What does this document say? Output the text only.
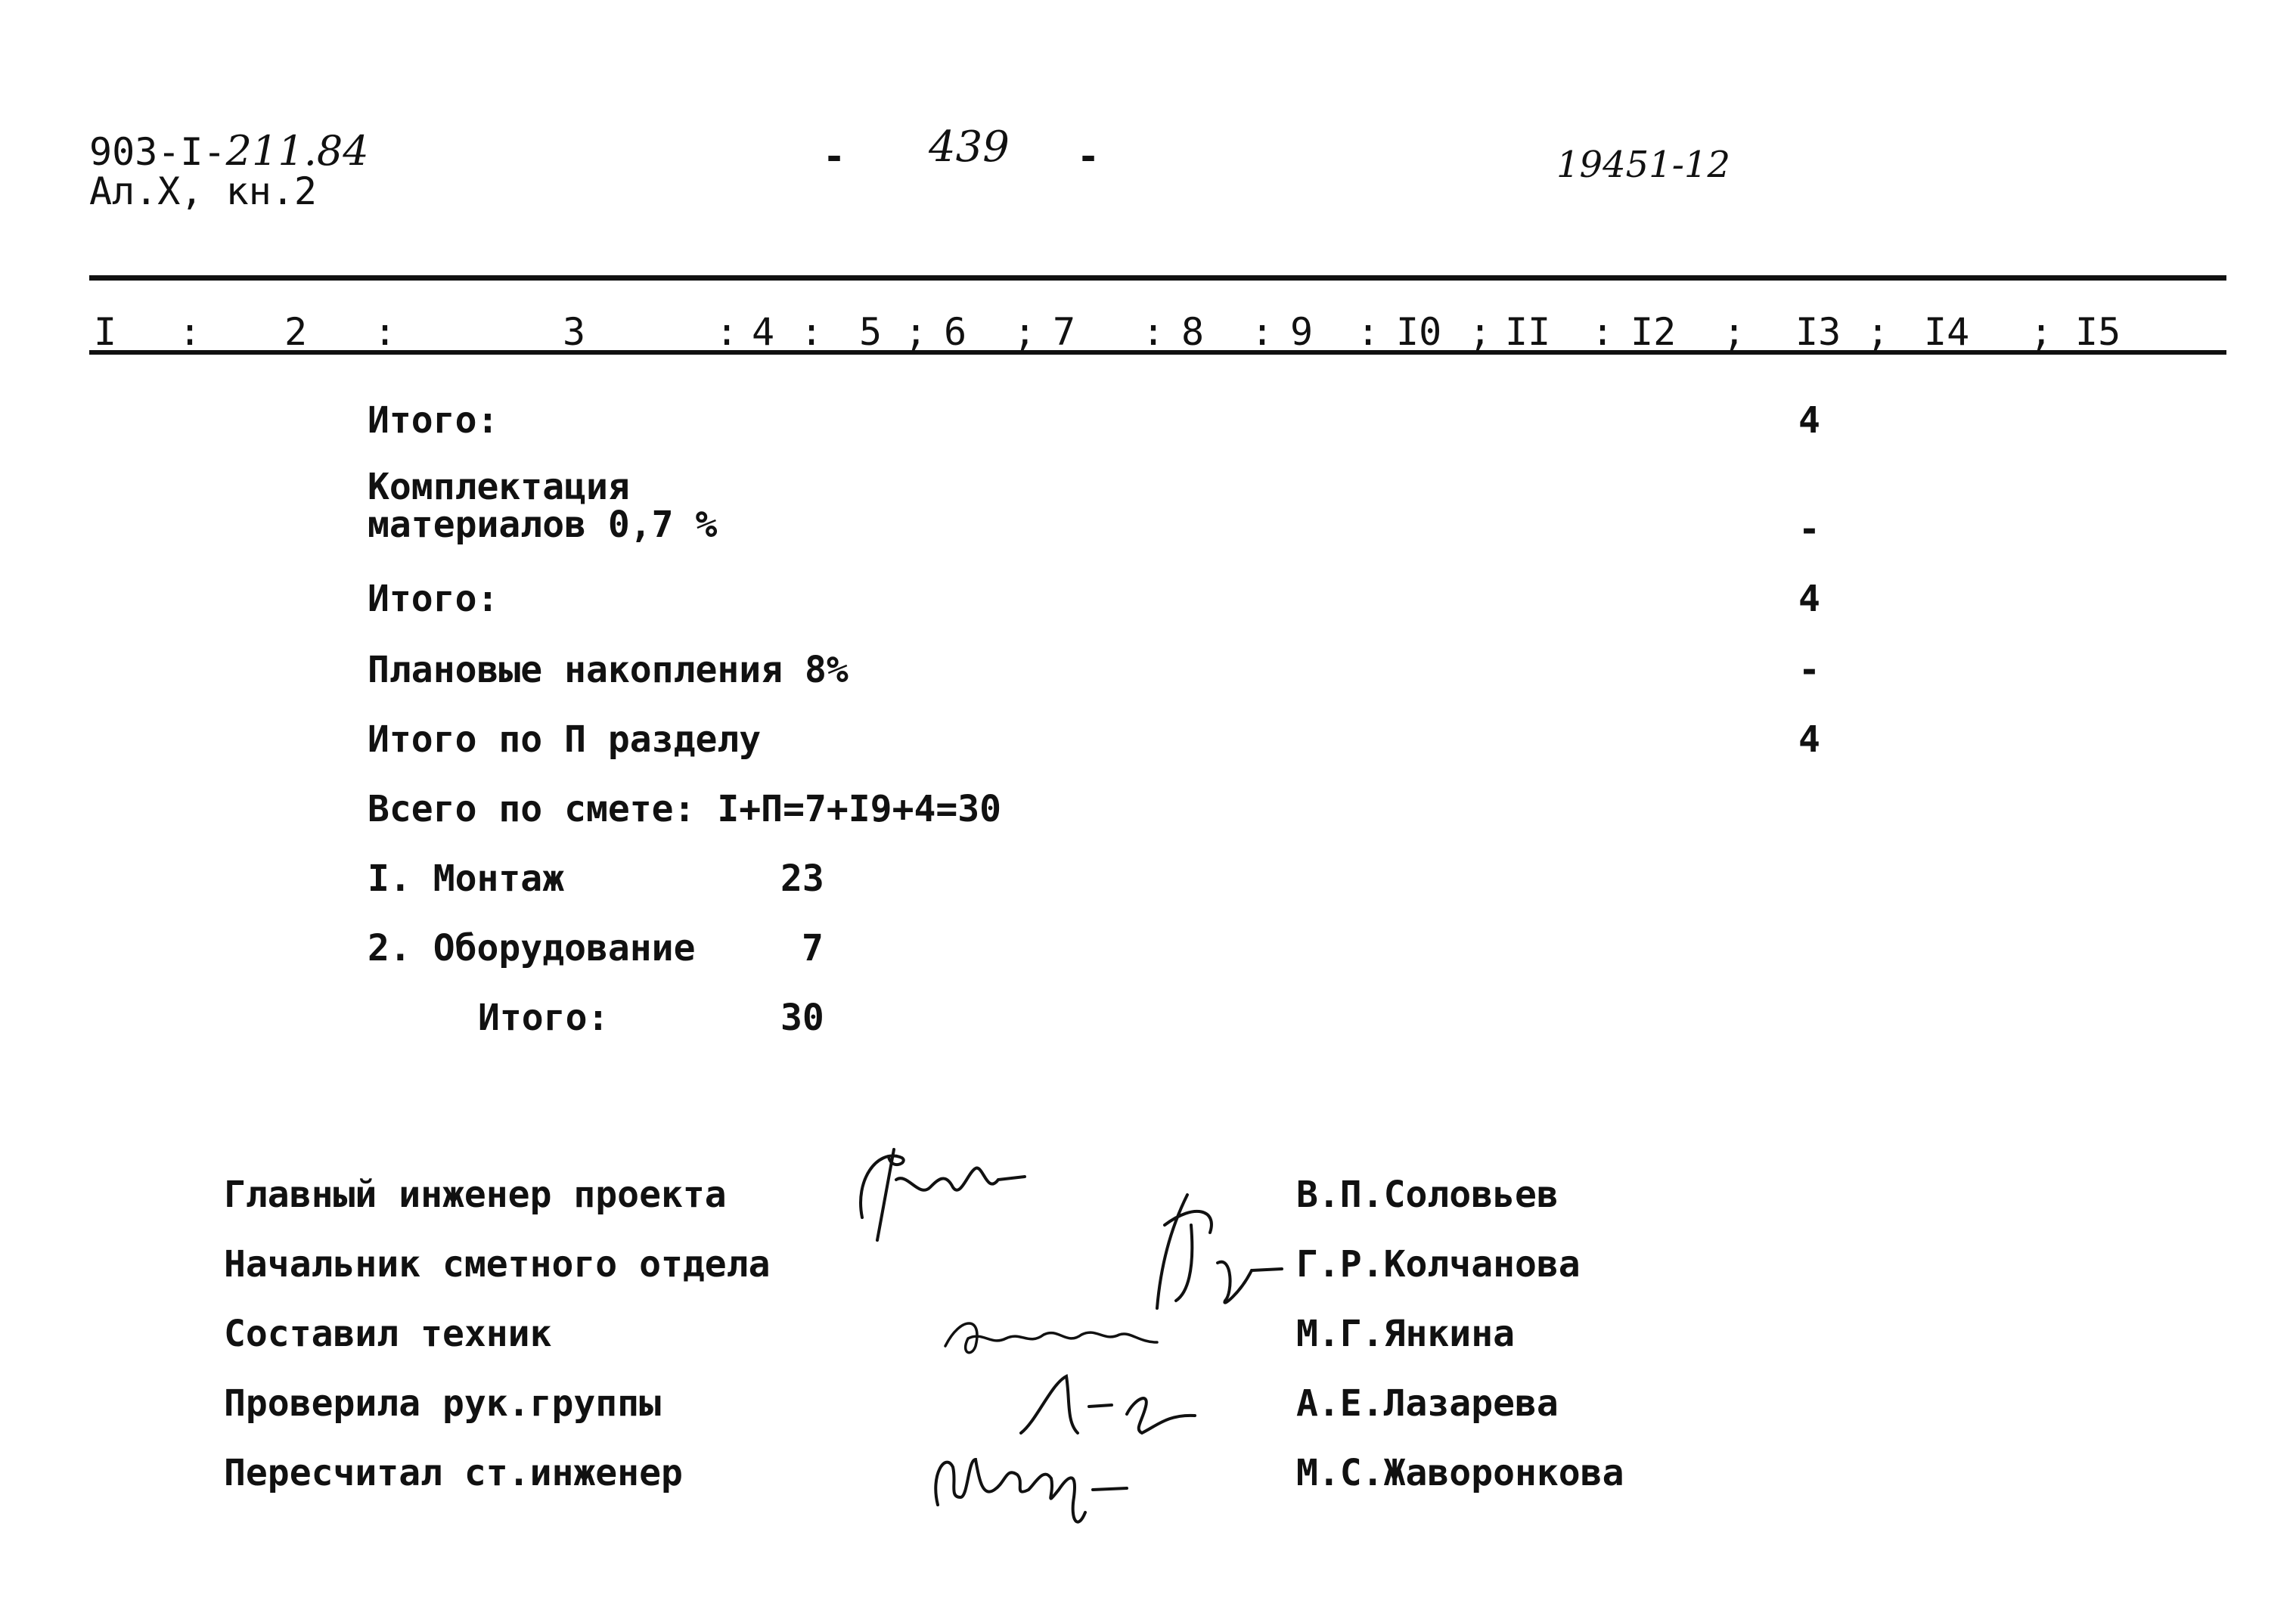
903-I-211.84
Ал.X, кн.2
- 439 -	19451-12
I : 2 :	3	: 4 : 5 ; 6 ; 7 : 8 : 9 : I0 ; II : I2 ; I3 ; I4 ; I5
Итого:	4
Комплектация
материалов 0,7 %	-
Итого:	4
Плановые накопления 8%	-
Итого по П разделу	4
Всего по смете: I+П=7+I9+4=30
I. Монтаж	23
2. Оборудование	7
Итого:	30
Главный инженер проекта	В.П.Соловьев
Начальник сметного отдела	Г.Р.Колчанова
Составил техник	М.Г.Янкина
Проверила рук.группы	А.Е.Лазарева
Пересчитал ст.инженер	М.С.Жаворонкова
